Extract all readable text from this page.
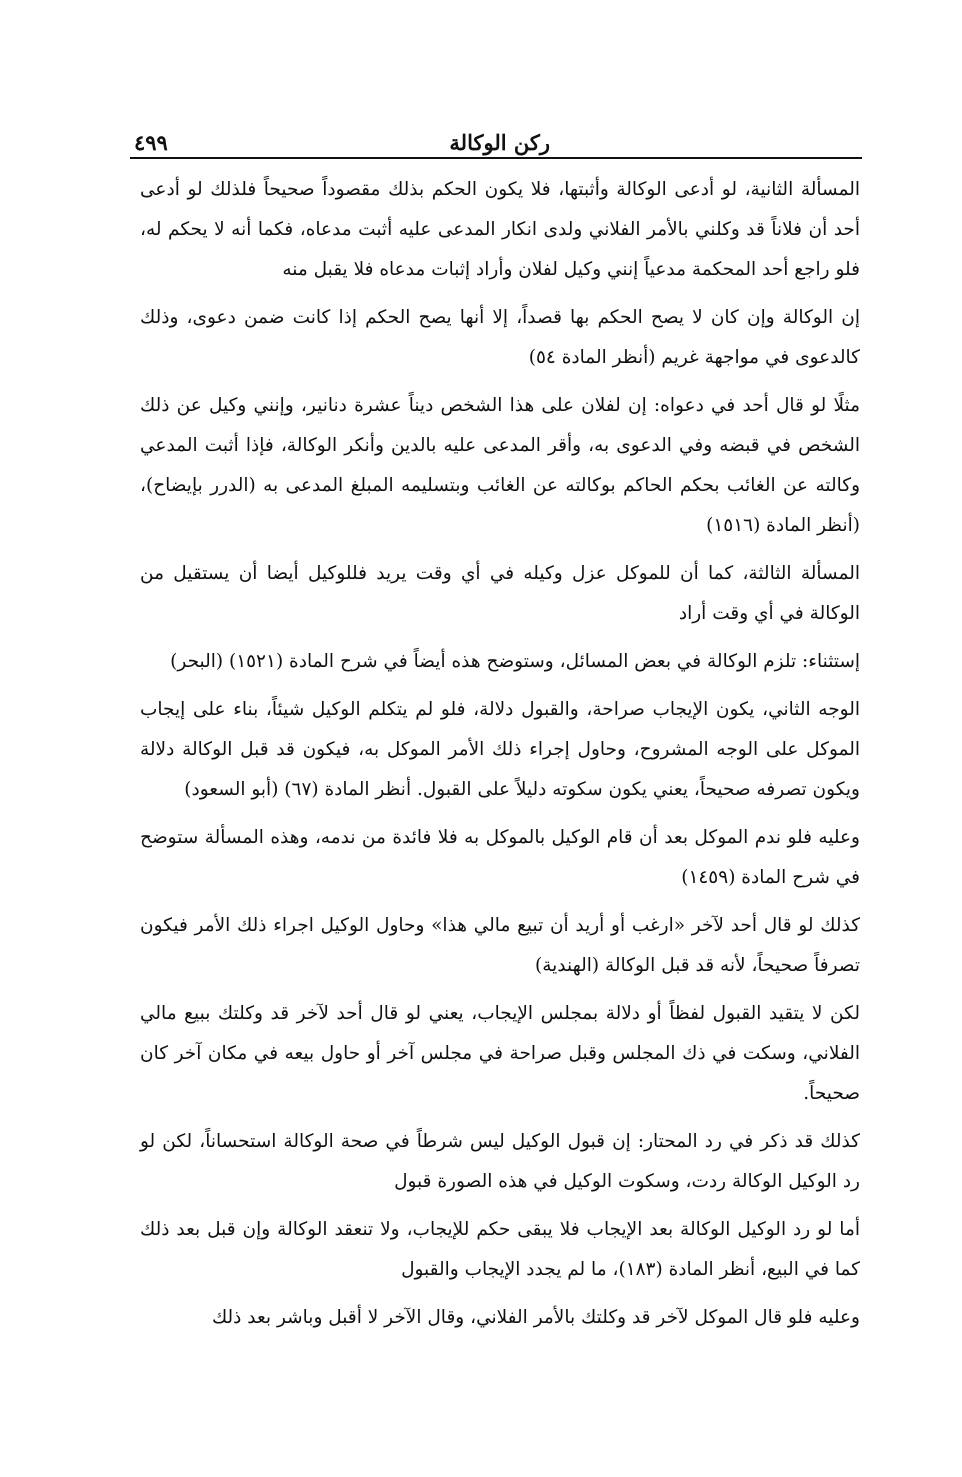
ركن الوكالة
٤٩٩

المسألة الثانية، لو أدعى الوكالة وأثبتها، فلا يكون الحكم بذلك مقصوداً صحيحاً فلذلك لو أدعى أحد أن فلاناً قد وكلني بالأمر الفلاني ولدى انكار المدعى عليه أثبت مدعاه، فكما أنه لا يحكم له، فلو راجع أحد المحكمة مدعياً إنني وكيل لفلان وأراد إثبات مدعاه فلا يقبل منه

إن الوكالة وإن كان لا يصح الحكم بها قصداً، إلا أنها يصح الحكم إذا كانت ضمن دعوى، وذلك كالدعوى في مواجهة غريم (أنظر المادة ٥٤)

مثلًا لو قال أحد في دعواه: إن لفلان على هذا الشخص ديناً عشرة دنانير، وإنني وكيل عن ذلك الشخص في قبضه وفي الدعوى به، وأقر المدعى عليه بالدين وأنكر الوكالة، فإذا أثبت المدعي وكالته عن الغائب بحكم الحاكم بوكالته عن الغائب وبتسليمه المبلغ المدعى به (الدرر بإيضاح)، (أنظر المادة (١٥١٦)

المسألة الثالثة، كما أن للموكل عزل وكيله في أي وقت يريد فللوكيل أيضا أن يستقيل من الوكالة في أي وقت أراد

إستثناء: تلزم الوكالة في بعض المسائل، وستوضح هذه أيضاً في شرح المادة (١٥٢١) (البحر)

الوجه الثاني، يكون الإيجاب صراحة، والقبول دلالة، فلو لم يتكلم الوكيل شيئاً، بناء على إيجاب الموكل على الوجه المشروح، وحاول إجراء ذلك الأمر الموكل به، فيكون قد قبل الوكالة دلالة ويكون تصرفه صحيحاً، يعني يكون سكوته دليلاً على القبول. أنظر المادة (٦٧) (أبو السعود)

وعليه فلو ندم الموكل بعد أن قام الوكيل بالموكل به فلا فائدة من ندمه، وهذه المسألة ستوضح في شرح المادة (١٤٥٩)

كذلك لو قال أحد لآخر «ارغب أو أريد أن تبيع مالي هذا» وحاول الوكيل اجراء ذلك الأمر فيكون تصرفاً صحيحاً، لأنه قد قبل الوكالة (الهندية)

لكن لا يتقيد القبول لفظاً أو دلالة بمجلس الإيجاب، يعني لو قال أحد لآخر قد وكلتك ببيع مالي الفلاني، وسكت في ذك المجلس وقبل صراحة في مجلس آخر أو حاول بيعه في مكان آخر كان صحيحاً.

كذلك قد ذكر في رد المحتار: إن قبول الوكيل ليس شرطاً في صحة الوكالة استحساناً، لكن لو رد الوكيل الوكالة ردت، وسكوت الوكيل في هذه الصورة قبول

أما لو رد الوكيل الوكالة بعد الإيجاب فلا يبقى حكم للإيجاب، ولا تنعقد الوكالة وإن قبل بعد ذلك كما في البيع، أنظر المادة (١٨٣)، ما لم يجدد الإيجاب والقبول

وعليه فلو قال الموكل لآخر قد وكلتك بالأمر الفلاني، وقال الآخر لا أقبل وباشر بعد ذلك
